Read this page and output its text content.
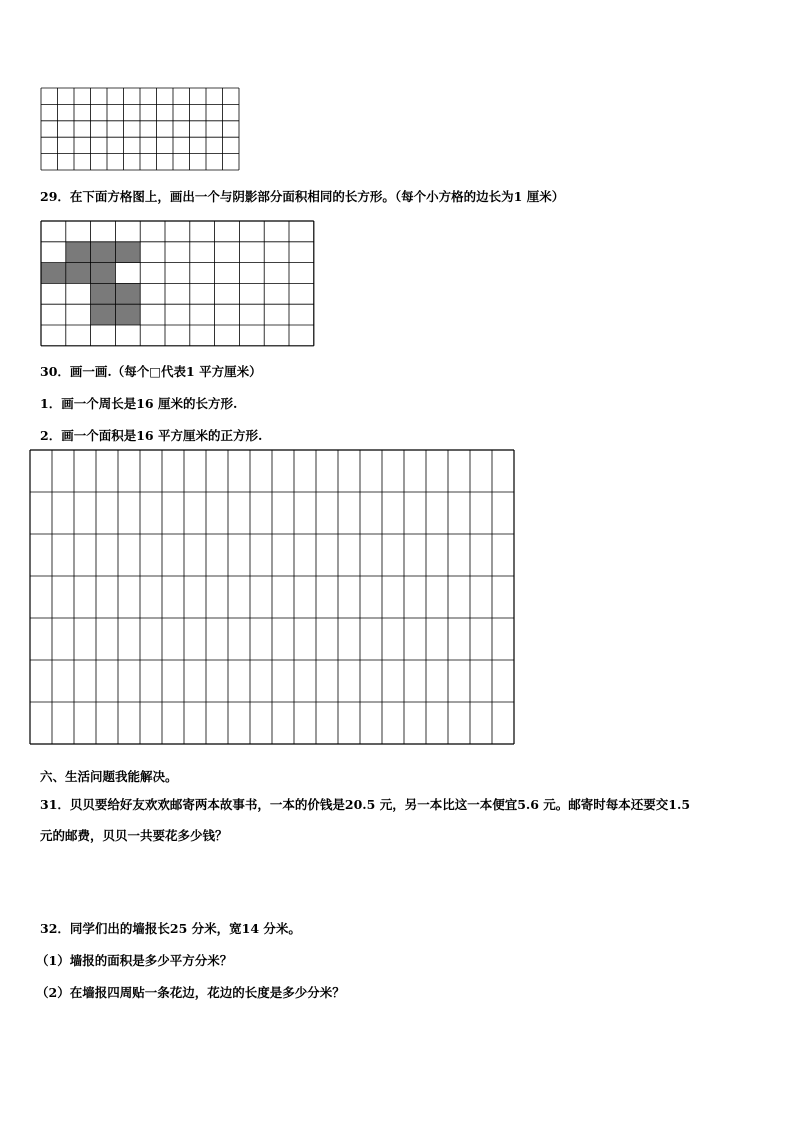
29．在下面方格图上，画出一个与阴影部分面积相同的长方形。（每个小方格的边长为1 厘米）
30．画一画.（每个□代表1 平方厘米）
1．画一个周长是16 厘米的长方形.
2．画一个面积是16 平方厘米的正方形.
六、生活问题我能解决。
31．贝贝要给好友欢欢邮寄两本故事书，一本的价钱是20.5 元，另一本比这一本便宜5.6 元。邮寄时每本还要交1.5
元的邮费，贝贝一共要花多少钱？
32．同学们出的墙报长25 分米，宽14 分米。
（1）墙报的面积是多少平方分米？
（2）在墙报四周贴一条花边，花边的长度是多少分米？
